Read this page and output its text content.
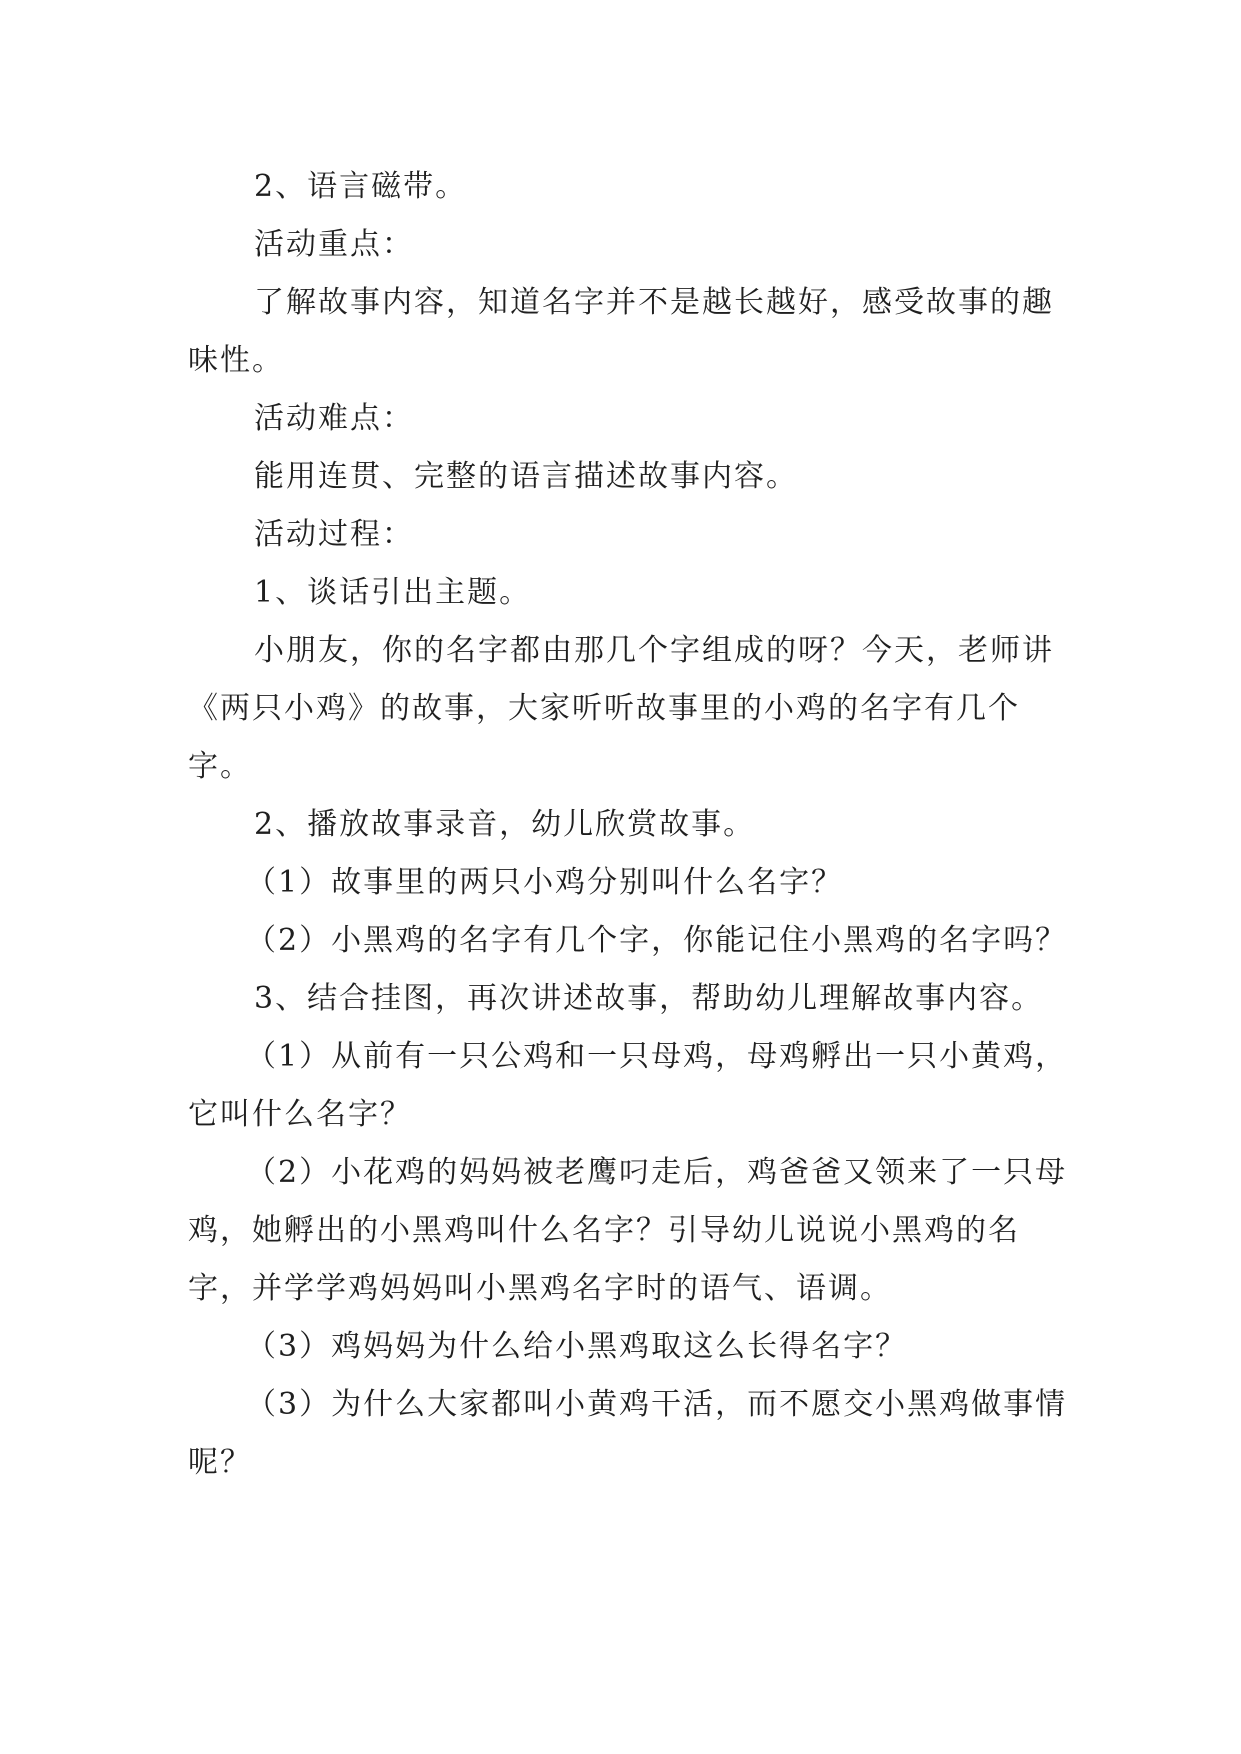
2、语言磁带。

活动重点：

了解故事内容，知道名字并不是越长越好，感受故事的趣味性。

活动难点：

能用连贯、完整的语言描述故事内容。

活动过程：

1、谈话引出主题。

小朋友，你的名字都由那几个字组成的呀？今天，老师讲《两只小鸡》的故事，大家听听故事里的小鸡的名字有几个字。

2、播放故事录音，幼儿欣赏故事。

（1）故事里的两只小鸡分别叫什么名字？

（2）小黑鸡的名字有几个字，你能记住小黑鸡的名字吗？

3、结合挂图，再次讲述故事，帮助幼儿理解故事内容。

（1）从前有一只公鸡和一只母鸡，母鸡孵出一只小黄鸡，它叫什么名字？

（2）小花鸡的妈妈被老鹰叼走后，鸡爸爸又领来了一只母鸡，她孵出的小黑鸡叫什么名字？引导幼儿说说小黑鸡的名字，并学学鸡妈妈叫小黑鸡名字时的语气、语调。

（3）鸡妈妈为什么给小黑鸡取这么长得名字？

（3）为什么大家都叫小黄鸡干活，而不愿交小黑鸡做事情呢？
